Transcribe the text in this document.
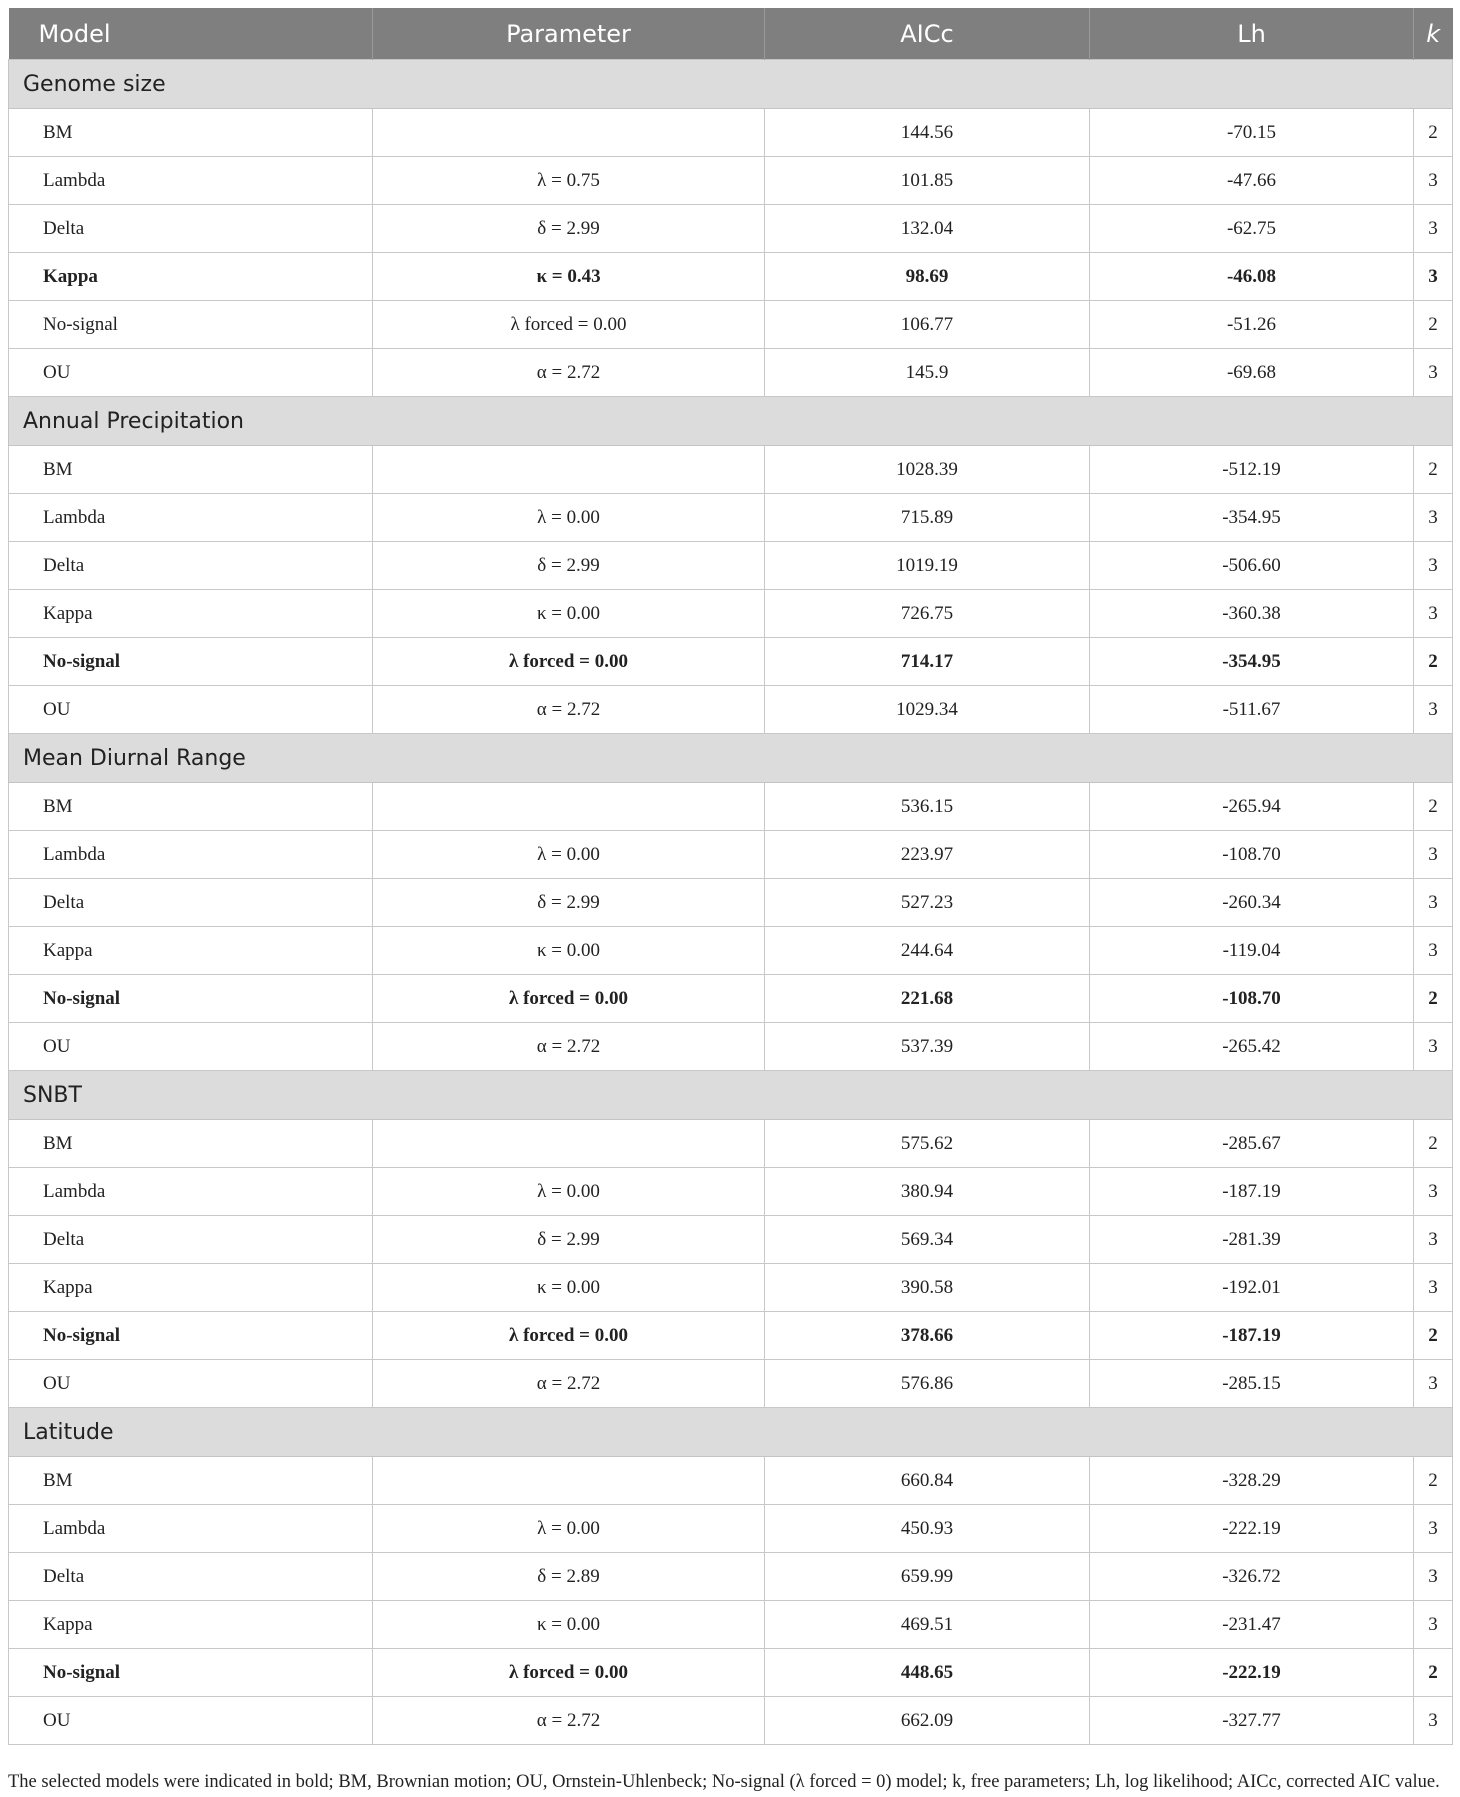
Model	Parameter	AICc	Lh	k
Genome size				
BM		144.56	-70.15	2
Lambda	λ = 0.75	101.85	-47.66	3
Delta	δ = 2.99	132.04	-62.75	3
Kappa	κ = 0.43	98.69	-46.08	3
No-signal	λ forced = 0.00	106.77	-51.26	2
OU	α = 2.72	145.9	-69.68	3
Annual Precipitation				
BM		1028.39	-512.19	2
Lambda	λ = 0.00	715.89	-354.95	3
Delta	δ = 2.99	1019.19	-506.60	3
Kappa	κ = 0.00	726.75	-360.38	3
No-signal	λ forced = 0.00	714.17	-354.95	2
OU	α = 2.72	1029.34	-511.67	3
Mean Diurnal Range				
BM		536.15	-265.94	2
Lambda	λ = 0.00	223.97	-108.70	3
Delta	δ = 2.99	527.23	-260.34	3
Kappa	κ = 0.00	244.64	-119.04	3
No-signal	λ forced = 0.00	221.68	-108.70	2
OU	α = 2.72	537.39	-265.42	3
SNBT				
BM		575.62	-285.67	2
Lambda	λ = 0.00	380.94	-187.19	3
Delta	δ = 2.99	569.34	-281.39	3
Kappa	κ = 0.00	390.58	-192.01	3
No-signal	λ forced = 0.00	378.66	-187.19	2
OU	α = 2.72	576.86	-285.15	3
Latitude				
BM		660.84	-328.29	2
Lambda	λ = 0.00	450.93	-222.19	3
Delta	δ = 2.89	659.99	-326.72	3
Kappa	κ = 0.00	469.51	-231.47	3
No-signal	λ forced = 0.00	448.65	-222.19	2
OU	α = 2.72	662.09	-327.77	3
The selected models were indicated in bold; BM, Brownian motion; OU, Ornstein-Uhlenbeck; No-signal (λ forced = 0) model; k, free parameters; Lh, log likelihood; AICc, corrected AIC value.
